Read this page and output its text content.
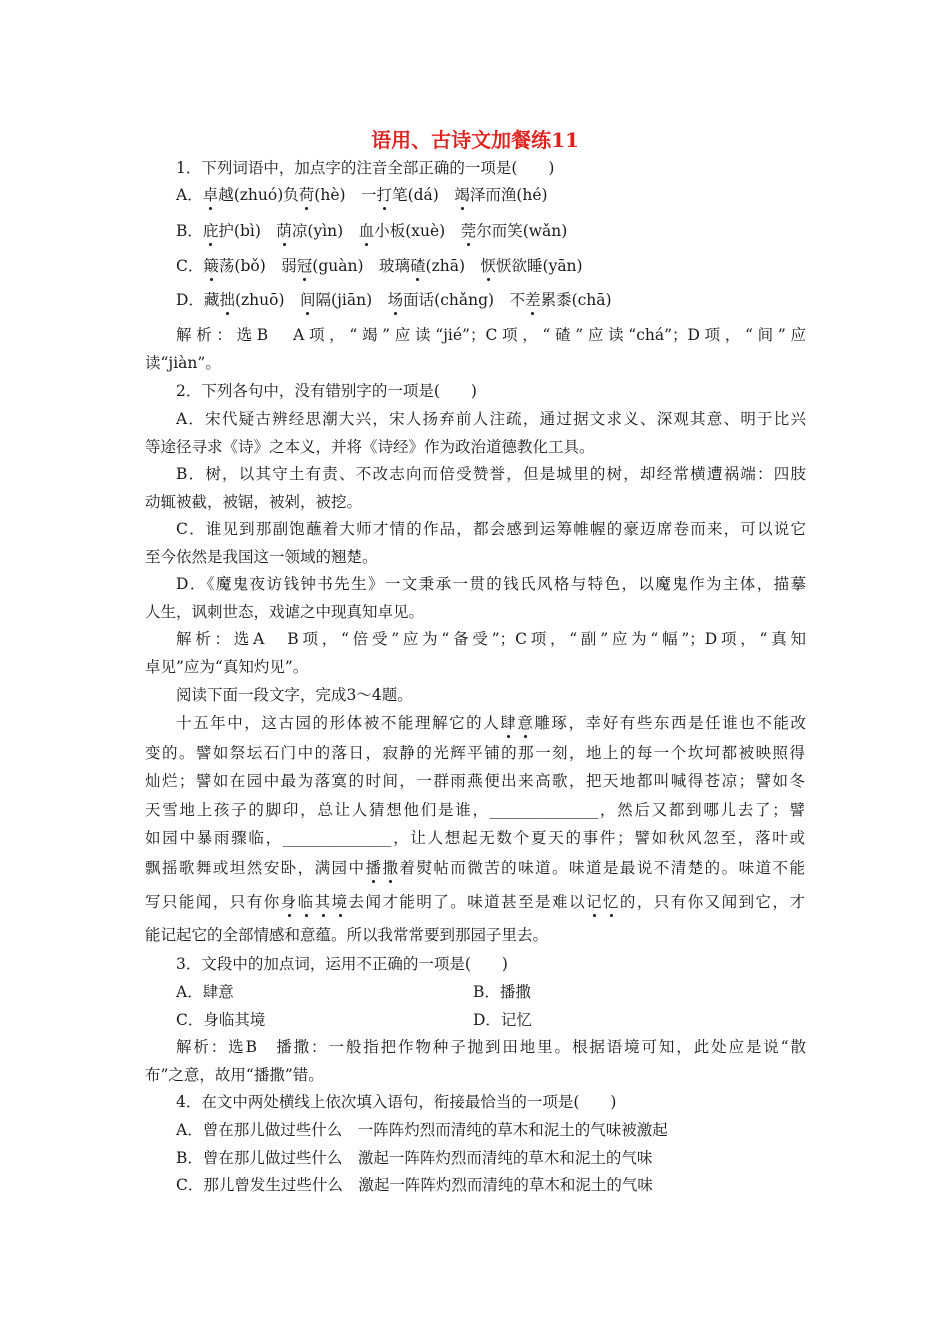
语用、古诗文加餐练11
1．下列词语中，加点字的注音全部正确的一项是(　　)
A．卓越(zhuó)负荷(hè)　一打笔(dá)　竭泽而渔(hé)
B．庇护(bì)　荫凉(yìn)　血小板(xuè)　莞尔而笑(wǎn)
C．簸荡(bǒ)　弱冠(guàn)　玻璃碴(zhā)　恹恹欲睡(yān)
D．藏拙(zhuō)　间隔(jiān)　场面话(chǎng)　不差累黍(chā)
解析：选B　A项，“竭”应读“jié”；C项，“碴”应读“chá”；D项，“间”应
读“jiàn”。
2．下列各句中，没有错别字的一项是(　　)
A．宋代疑古辨经思潮大兴，宋人扬弃前人注疏，通过据文求义、深观其意、明于比兴
等途径寻求《诗》之本义，并将《诗经》作为政治道德教化工具。
B．树，以其守土有责、不改志向而倍受赞誉，但是城里的树，却经常横遭祸端：四肢
动辄被截，被锯，被剁，被挖。
C．谁见到那副饱蘸着大师才情的作品，都会感到运筹帷幄的豪迈席卷而来，可以说它
至今依然是我国这一领域的翘楚。
D．《魔鬼夜访钱钟书先生》一文秉承一贯的钱氏风格与特色，以魔鬼作为主体，描摹
人生，讽刺世态，戏谑之中现真知卓见。
解析：选A　B项，“倍受”应为“备受”；C项，“副”应为“幅”；D项，“真知
卓见”应为“真知灼见”。
阅读下面一段文字，完成3～4题。
十五年中，这古园的形体被不能理解它的人肆意雕琢，幸好有些东西是任谁也不能改
变的。譬如祭坛石门中的落日，寂静的光辉平铺的那一刻，地上的每一个坎坷都被映照得
灿烂；譬如在园中最为落寞的时间，一群雨燕便出来高歌，把天地都叫喊得苍凉；譬如冬
天雪地上孩子的脚印，总让人猜想他们是谁，______________，然后又都到哪儿去了；譬
如园中暴雨骤临，______________，让人想起无数个夏天的事件；譬如秋风忽至，落叶或
飘摇歌舞或坦然安卧，满园中播撒着熨帖而微苦的味道。味道是最说不清楚的。味道不能
写只能闻，只有你身临其境去闻才能明了。味道甚至是难以记忆的，只有你又闻到它，才
能记起它的全部情感和意蕴。所以我常常要到那园子里去。
3．文段中的加点词，运用不正确的一项是(　　)
A．肆意	B．播撒
C．身临其境	D．记忆
解析：选B　播撒：一般指把作物种子抛到田地里。根据语境可知，此处应是说“散
布”之意，故用“播撒”错。
4．在文中两处横线上依次填入语句，衔接最恰当的一项是(　　)
A．曾在那儿做过些什么　一阵阵灼烈而清纯的草木和泥土的气味被激起
B．曾在那儿做过些什么　激起一阵阵灼烈而清纯的草木和泥土的气味
C．那儿曾发生过些什么　激起一阵阵灼烈而清纯的草木和泥土的气味
